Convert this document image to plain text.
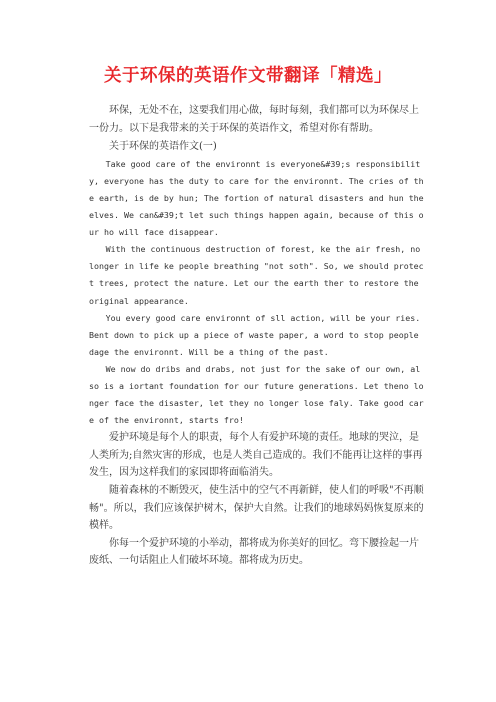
关于环保的英语作文带翻译「精选」

环保，无处不在，这要我们用心做，每时每刻，我们都可以为环保尽上一份力。以下是我带来的关于环保的英语作文，希望对你有帮助。

关于环保的英语作文(一)

Take good care of the environnt is everyone&#39;s responsibility, everyone has the duty to care for the environnt. The cries of the earth, is de by hun; The fortion of natural disasters and hun theelves. We can&#39;t let such things happen again, because of this our ho will face disappear.

With the continuous destruction of forest, ke the air fresh, no longer in life ke people breathing "not soth". So, we should protect trees, protect the nature. Let our the earth ther to restore the original appearance.

You every good care environnt of sll action, will be your ries. Bent down to pick up a piece of waste paper, a word to stop people dage the environnt. Will be a thing of the past.

We now do dribs and drabs, not just for the sake of our own, also is a iortant foundation for our future generations. Let theno longer face the disaster, let they no longer lose faly. Take good care of the environnt, starts fro!

爱护环境是每个人的职责，每个人有爱护环境的责任。地球的哭泣，是人类所为;自然灾害的形成，也是人类自己造成的。我们不能再让这样的事再发生，因为这样我们的家园即将面临消失。

随着森林的不断毁灭，使生活中的空气不再新鲜，使人们的呼吸"不再顺畅"。所以，我们应该保护树木，保护大自然。让我们的地球妈妈恢复原来的模样。

你每一个爱护环境的小举动，都将成为你美好的回忆。弯下腰捡起一片废纸、一句话阻止人们破坏环境。都将成为历史。
